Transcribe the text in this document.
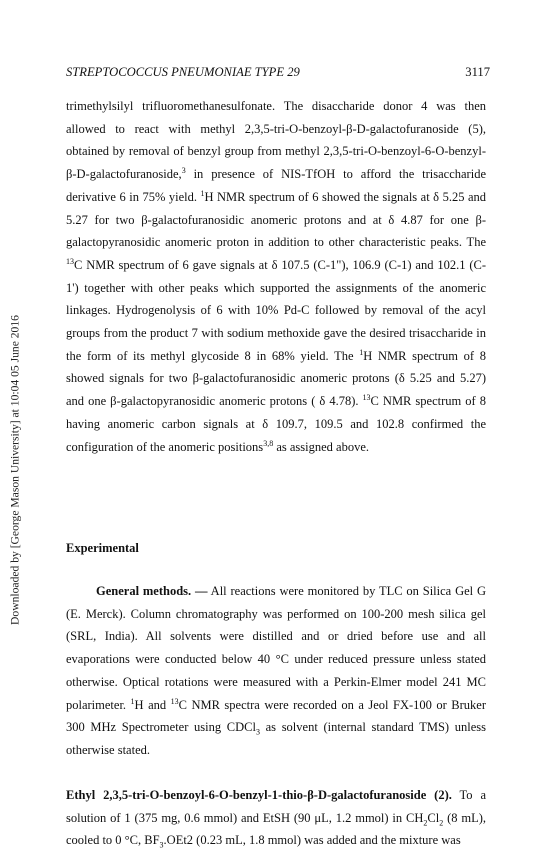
Downloaded by [George Mason University] at 10:04 05 June 2016
STREPTOCOCCUS PNEUMONIAE TYPE 29	3117

trimethylsilyl trifluoromethanesulfonate. The disaccharide donor 4 was then allowed to react with methyl 2,3,5-tri-O-benzoyl-β-D-galactofuranoside (5), obtained by removal of benzyl group from methyl 2,3,5-tri-O-benzoyl-6-O-benzyl-β-D-galactofuranoside,$^3$ in presence of NIS-TfOH to afford the trisaccharide derivative 6 in 75% yield. $^1$H NMR spectrum of 6 showed the signals at δ 5.25 and 5.27 for two β-galactofuranosidic anomeric protons and at δ 4.87 for one β-galactopyranosidic anomeric proton in addition to other characteristic peaks. The $^{13}$C NMR spectrum of 6 gave signals at δ 107.5 (C-1"), 106.9 (C-1) and 102.1 (C-1') together with other peaks which supported the assignments of the anomeric linkages. Hydrogenolysis of 6 with 10% Pd-C followed by removal of the acyl groups from the product 7 with sodium methoxide gave the desired trisaccharide in the form of its methyl glycoside 8 in 68% yield. The $^1$H NMR spectrum of 8 showed signals for two β-galactofuranosidic anomeric protons (δ 5.25 and 5.27) and one β-galactopyranosidic anomeric protons ( δ 4.78). $^{13}$C NMR spectrum of 8 having anomeric carbon signals at δ 109.7, 109.5 and 102.8 confirmed the configuration of the anomeric positions$^{3,8}$ as assigned above.

Experimental

General methods. — All reactions were monitored by TLC on Silica Gel G (E. Merck). Column chromatography was performed on 100-200 mesh silica gel (SRL, India). All solvents were distilled and or dried before use and all evaporations were conducted below 40 °C under reduced pressure unless stated otherwise. Optical rotations were measured with a Perkin-Elmer model 241 MC polarimeter. $^1$H and $^{13}$C NMR spectra were recorded on a Jeol FX-100 or Bruker 300 MHz Spectrometer using CDCl$_3$ as solvent (internal standard TMS) unless otherwise stated.

Ethyl 2,3,5-tri-O-benzoyl-6-O-benzyl-1-thio-β-D-galactofuranoside (2). To a solution of 1 (375 mg, 0.6 mmol) and EtSH (90 μL, 1.2 mmol) in $CH_2Cl_2$ (8 mL), cooled to 0 °C, $BF_3.OEt2$ (0.23 mL, 1.8 mmol) was added and the mixture was
